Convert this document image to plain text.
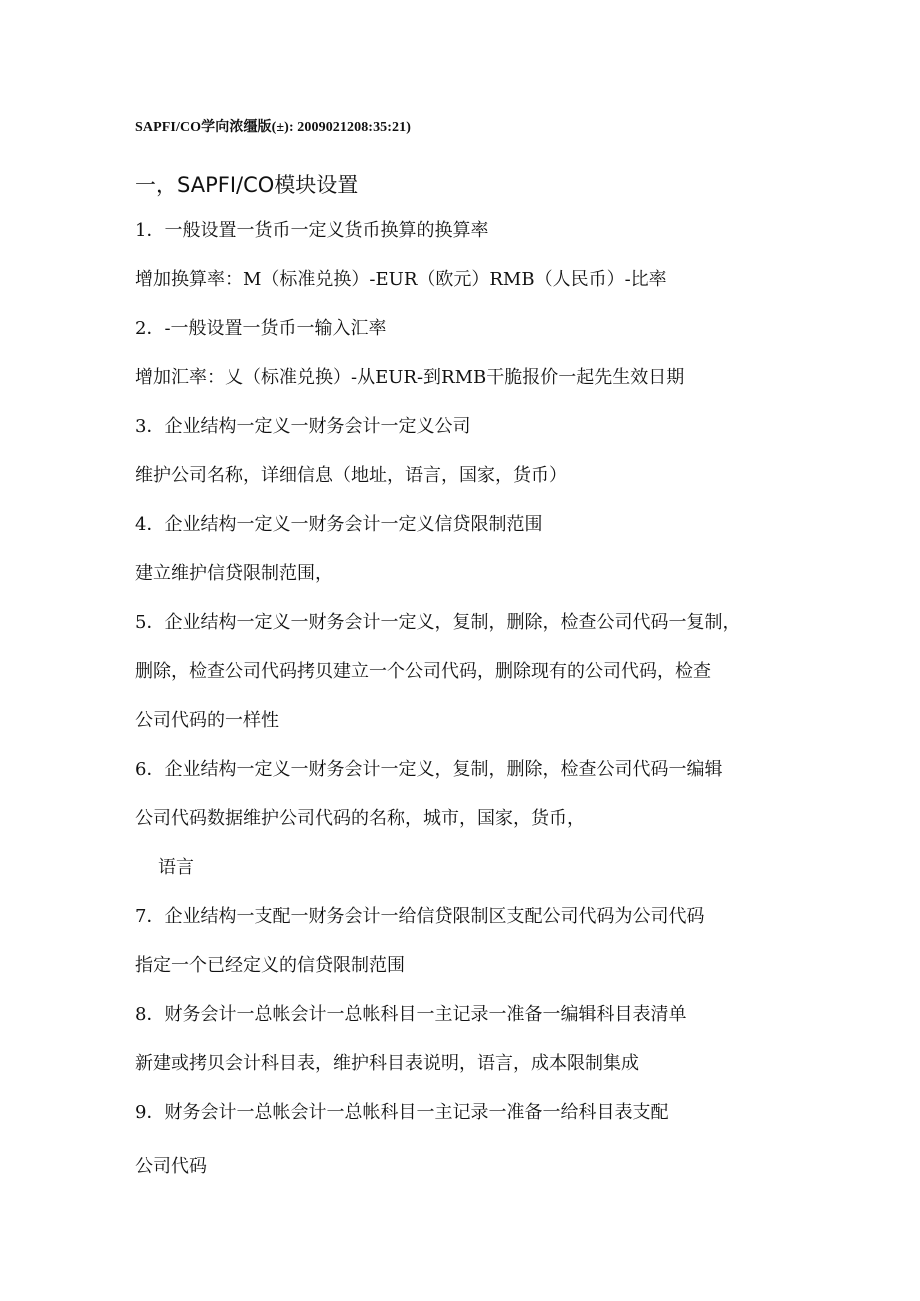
SAPFI/CO学向浓缰版(±): 2009021208:35:21)
一，SAPFI/CO模块设置
1．一般设置一货币一定义货币换算的换算率
增加换算率：M（标准兑换）-EUR（欧元）RMB（人民币）-比率
2．-一般设置一货币一输入汇率
增加汇率：乂（标准兑换）-从EUR-到RMB干脆报价一起先生效日期
3．企业结构一定义一财务会计一定义公司
维护公司名称，详细信息（地址，语言，国家，货币）
4．企业结构一定义一财务会计一定义信贷限制范围
建立维护信贷限制范围，
5．企业结构一定义一财务会计一定义，复制，删除，检查公司代码一复制，
删除，检查公司代码拷贝建立一个公司代码，删除现有的公司代码，检查
公司代码的一样性
6．企业结构一定义一财务会计一定义，复制，删除，检查公司代码一编辑
公司代码数据维护公司代码的名称，城市，国家，货币，
语言
7．企业结构一支配一财务会计一给信贷限制区支配公司代码为公司代码
指定一个已经定义的信贷限制范围
8．财务会计一总帐会计一总帐科目一主记录一准备一编辑科目表清单
新建或拷贝会计科目表，维护科目表说明，语言，成本限制集成
9．财务会计一总帐会计一总帐科目一主记录一准备一给科目表支配
公司代码
